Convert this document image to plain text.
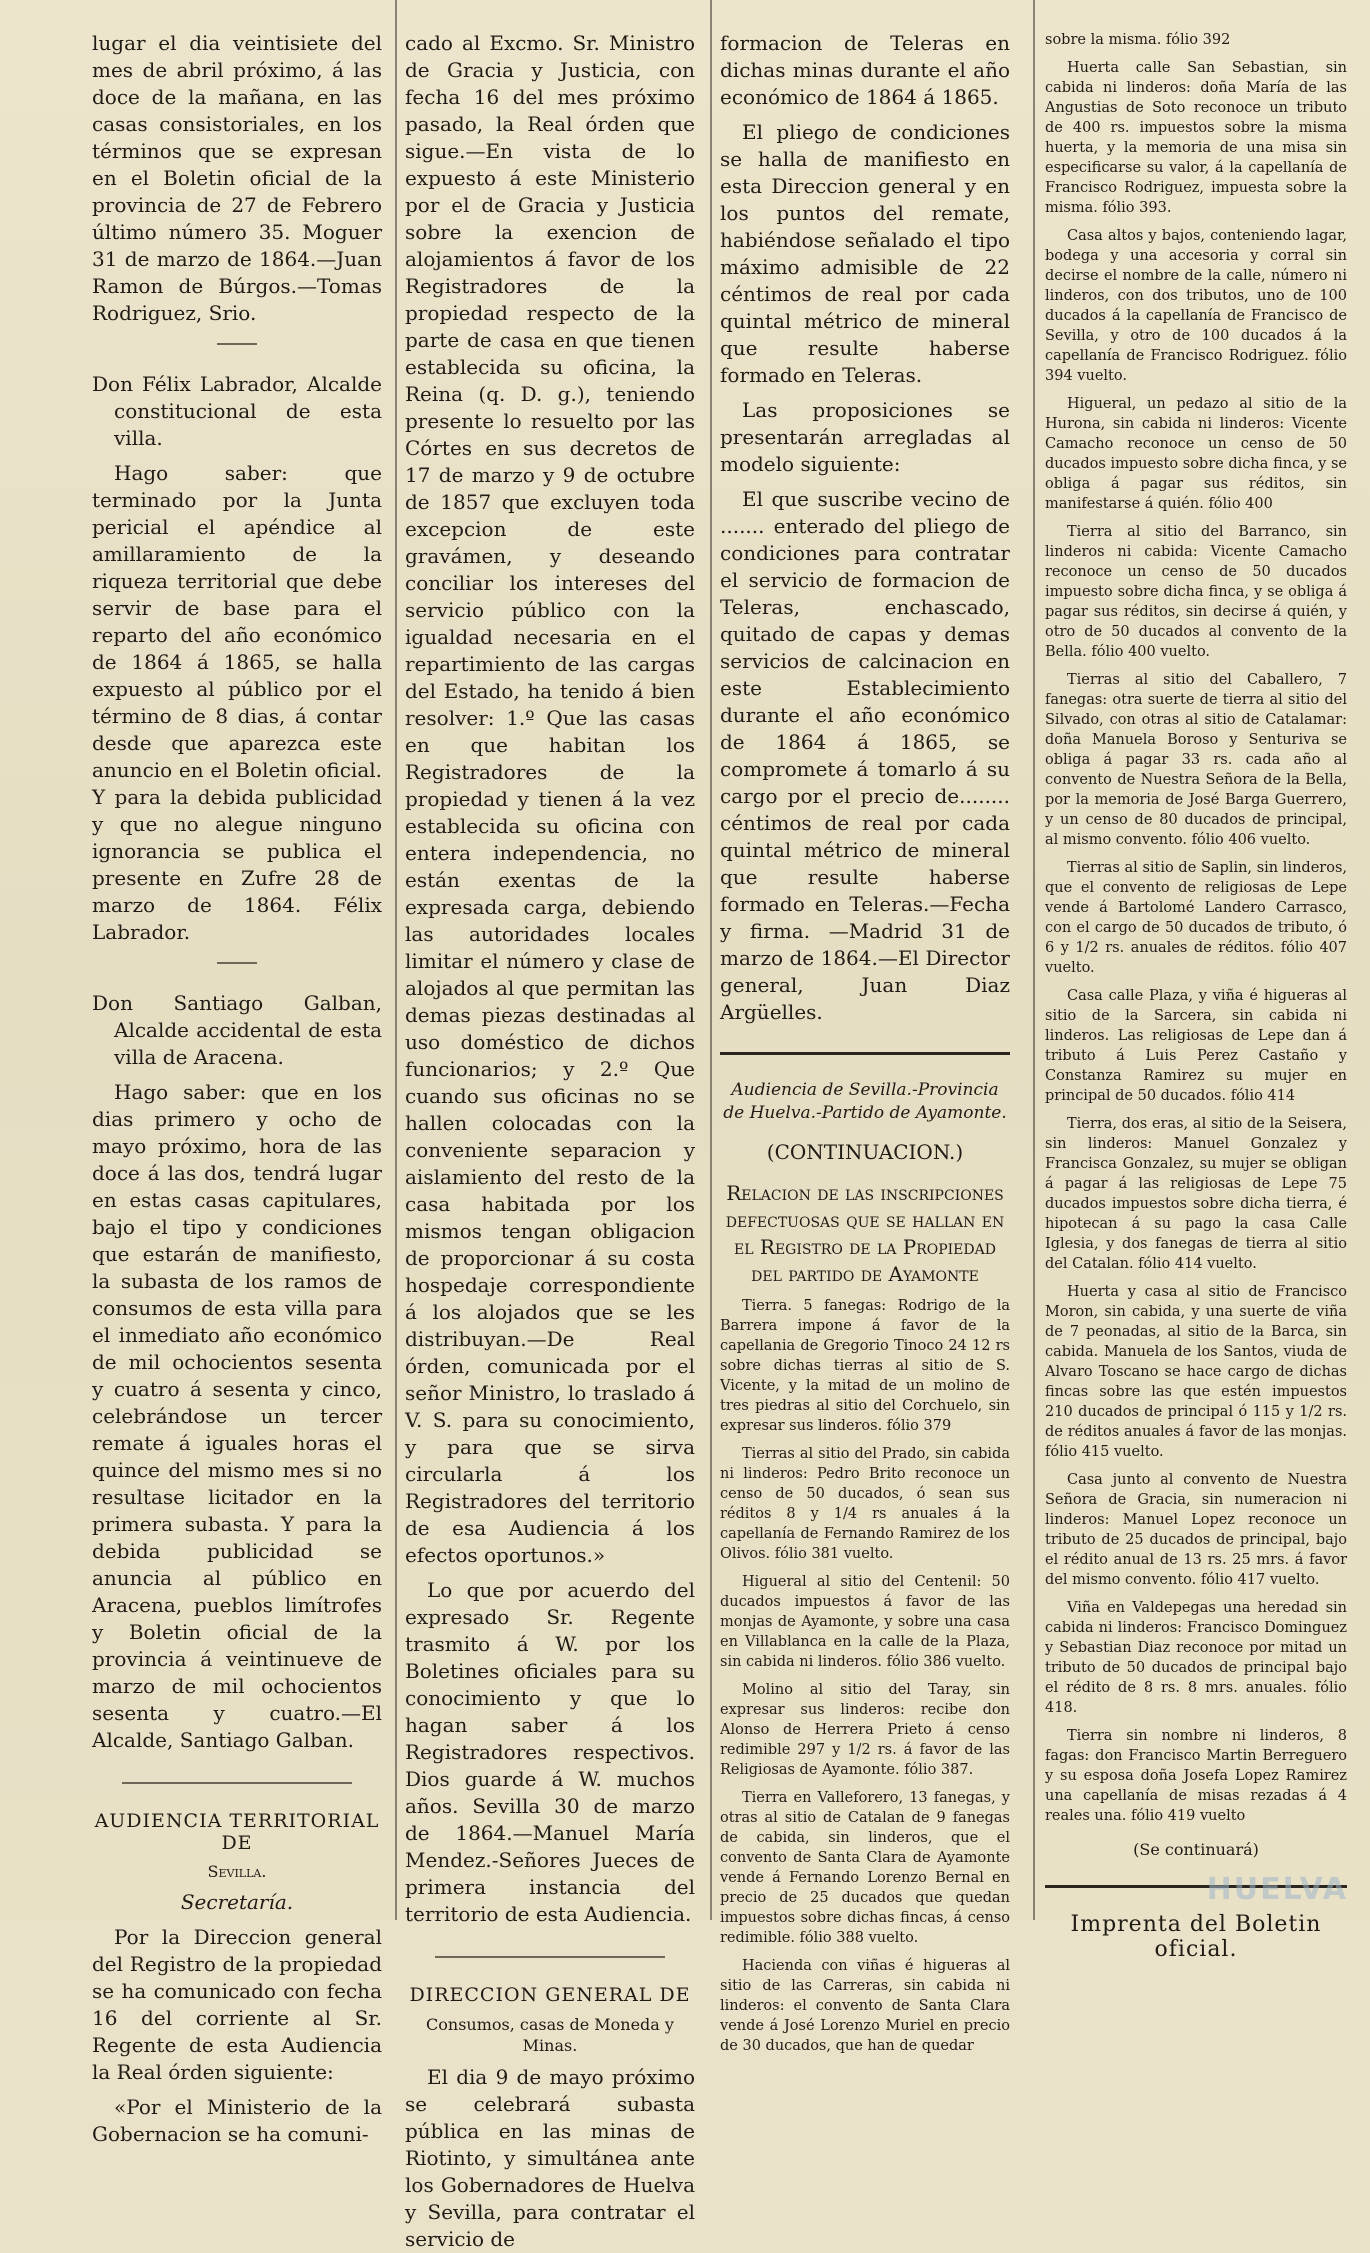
lugar el dia veintisiete del mes de abril próximo, á las doce de la mañana, en las casas consistoriales, en los términos que se expresan en el Boletin oficial de la provincia de 27 de Febrero último número 35. Moguer 31 de marzo de 1864.—Juan Ramon de Búrgos.—Tomas Rodriguez, Srio.

Don Félix Labrador, Alcalde constitucional de esta villa.

Hago saber: que terminado por la Junta pericial el apéndice al amillaramiento de la riqueza territorial que debe servir de base para el reparto del año económico de 1864 á 1865, se halla expuesto al público por el término de 8 dias, á contar desde que aparezca este anuncio en el Boletin oficial. Y para la debida publicidad y que no alegue ninguno ignorancia se publica el presente en Zufre 28 de marzo de 1864. Félix Labrador.

Don Santiago Galban, Alcalde accidental de esta villa de Aracena.

Hago saber: que en los dias primero y ocho de mayo próximo, hora de las doce á las dos, tendrá lugar en estas casas capitulares, bajo el tipo y condiciones que estarán de manifiesto, la subasta de los ramos de consumos de esta villa para el inmediato año económico de mil ochocientos sesenta y cuatro á sesenta y cinco, celebrándose un tercer remate á iguales horas el quince del mismo mes si no resultase licitador en la primera subasta. Y para la debida publicidad se anuncia al público en Aracena, pueblos limítrofes y Boletin oficial de la provincia á veintinueve de marzo de mil ochocientos sesenta y cuatro.—El Alcalde, Santiago Galban.

AUDIENCIA TERRITORIAL DE

Sevilla.

Secretaría.

Por la Direccion general del Registro de la propiedad se ha comunicado con fecha 16 del corriente al Sr. Regente de esta Audiencia la Real órden siguiente:

«Por el Ministerio de la Gobernacion se ha comuni-

cado al Excmo. Sr. Ministro de Gracia y Justicia, con fecha 16 del mes próximo pasado, la Real órden que sigue.—En vista de lo expuesto á este Ministerio por el de Gracia y Justicia sobre la exencion de alojamientos á favor de los Registradores de la propiedad respecto de la parte de casa en que tienen establecida su oficina, la Reina (q. D. g.), teniendo presente lo resuelto por las Córtes en sus decretos de 17 de marzo y 9 de octubre de 1857 que excluyen toda excepcion de este gravámen, y deseando conciliar los intereses del servicio público con la igualdad necesaria en el repartimiento de las cargas del Estado, ha tenido á bien resolver: 1.º Que las casas en que habitan los Registradores de la propiedad y tienen á la vez establecida su oficina con entera independencia, no están exentas de la expresada carga, debiendo las autoridades locales limitar el número y clase de alojados al que permitan las demas piezas destinadas al uso doméstico de dichos funcionarios; y 2.º Que cuando sus oficinas no se hallen colocadas con la conveniente separacion y aislamiento del resto de la casa habitada por los mismos tengan obligacion de proporcionar á su costa hospedaje correspondiente á los alojados que se les distribuyan.—De Real órden, comunicada por el señor Ministro, lo traslado á V. S. para su conocimiento, y para que se sirva circularla á los Registradores del territorio de esa Audiencia á los efectos oportunos.»

Lo que por acuerdo del expresado Sr. Regente trasmito á W. por los Boletines oficiales para su conocimiento y que lo hagan saber á los Registradores respectivos. Dios guarde á W. muchos años. Sevilla 30 de marzo de 1864.—Manuel María Mendez.-Señores Jueces de primera instancia del territorio de esta Audiencia.

DIRECCION GENERAL DE

Consumos, casas de Moneda y Minas.

El dia 9 de mayo próximo se celebrará subasta pública en las minas de Riotinto, y simultánea ante los Gobernadores de Huelva y Sevilla, para contratar el servicio de

formacion de Teleras en dichas minas durante el año económico de 1864 á 1865.

El pliego de condiciones se halla de manifiesto en esta Direccion general y en los puntos del remate, habiéndose señalado el tipo máximo admisible de 22 céntimos de real por cada quintal métrico de mineral que resulte haberse formado en Teleras.

Las proposiciones se presentarán arregladas al modelo siguiente:

El que suscribe vecino de ....... enterado del pliego de condiciones para contratar el servicio de formacion de Teleras, enchascado, quitado de capas y demas servicios de calcinacion en este Establecimiento durante el año económico de 1864 á 1865, se compromete á tomarlo á su cargo por el precio de........ céntimos de real por cada quintal métrico de mineral que resulte haberse formado en Teleras.—Fecha y firma. —Madrid 31 de marzo de 1864.—El Director general, Juan Diaz Argüelles.

Audiencia de Sevilla.-Provincia de Huelva.-Partido de Ayamonte.

(CONTINUACION.)

Relacion de las inscripciones defectuosas que se hallan en el Registro de la Propiedad del partido de Ayamonte

Tierra. 5 fanegas: Rodrigo de la Barrera impone á favor de la capellania de Gregorio Tinoco 24 12 rs sobre dichas tierras al sitio de S. Vicente, y la mitad de un molino de tres piedras al sitio del Corchuelo, sin expresar sus linderos. fólio 379

Tierras al sitio del Prado, sin cabida ni linderos: Pedro Brito reconoce un censo de 50 ducados, ó sean sus réditos 8 y 1/4 rs anuales á la capellanía de Fernando Ramirez de los Olivos. fólio 381 vuelto.

Higueral al sitio del Centenil: 50 ducados impuestos á favor de las monjas de Ayamonte, y sobre una casa en Villablanca en la calle de la Plaza, sin cabida ni linderos. fólio 386 vuelto.

Molino al sitio del Taray, sin expresar sus linderos: recibe don Alonso de Herrera Prieto á censo redimible 297 y 1/2 rs. á favor de las Religiosas de Ayamonte. fólio 387.

Tierra en Valleforero, 13 fanegas, y otras al sitio de Catalan de 9 fanegas de cabida, sin linderos, que el convento de Santa Clara de Ayamonte vende á Fernando Lorenzo Bernal en precio de 25 ducados que quedan impuestos sobre dichas fincas, á censo redimible. fólio 388 vuelto.

Hacienda con viñas é higueras al sitio de las Carreras, sin cabida ni linderos: el convento de Santa Clara vende á José Lorenzo Muriel en precio de 30 ducados, que han de quedar

sobre la misma. fólio 392

Huerta calle San Sebastian, sin cabida ni linderos: doña María de las Angustias de Soto reconoce un tributo de 400 rs. impuestos sobre la misma huerta, y la memoria de una misa sin especificarse su valor, á la capellanía de Francisco Rodriguez, impuesta sobre la misma. fólio 393.

Casa altos y bajos, conteniendo lagar, bodega y una accesoria y corral sin decirse el nombre de la calle, número ni linderos, con dos tributos, uno de 100 ducados á la capellanía de Francisco de Sevilla, y otro de 100 ducados á la capellanía de Francisco Rodriguez. fólio 394 vuelto.

Higueral, un pedazo al sitio de la Hurona, sin cabida ni linderos: Vicente Camacho reconoce un censo de 50 ducados impuesto sobre dicha finca, y se obliga á pagar sus réditos, sin manifestarse á quién. fólio 400

Tierra al sitio del Barranco, sin linderos ni cabida: Vicente Camacho reconoce un censo de 50 ducados impuesto sobre dicha finca, y se obliga á pagar sus réditos, sin decirse á quién, y otro de 50 ducados al convento de la Bella. fólio 400 vuelto.

Tierras al sitio del Caballero, 7 fanegas: otra suerte de tierra al sitio del Silvado, con otras al sitio de Catalamar: doña Manuela Boroso y Senturiva se obliga á pagar 33 rs. cada año al convento de Nuestra Señora de la Bella, por la memoria de José Barga Guerrero, y un censo de 80 ducados de principal, al mismo convento. fólio 406 vuelto.

Tierras al sitio de Saplin, sin linderos, que el convento de religiosas de Lepe vende á Bartolomé Landero Carrasco, con el cargo de 50 ducados de tributo, ó 6 y 1/2 rs. anuales de réditos. fólio 407 vuelto.

Casa calle Plaza, y viña é higueras al sitio de la Sarcera, sin cabida ni linderos. Las religiosas de Lepe dan á tributo á Luis Perez Castaño y Constanza Ramirez su mujer en principal de 50 ducados. fólio 414

Tierra, dos eras, al sitio de la Seisera, sin linderos: Manuel Gonzalez y Francisca Gonzalez, su mujer se obligan á pagar á las religiosas de Lepe 75 ducados impuestos sobre dicha tierra, é hipotecan á su pago la casa Calle Iglesia, y dos fanegas de tierra al sitio del Catalan. fólio 414 vuelto.

Huerta y casa al sitio de Francisco Moron, sin cabida, y una suerte de viña de 7 peonadas, al sitio de la Barca, sin cabida. Manuela de los Santos, viuda de Alvaro Toscano se hace cargo de dichas fincas sobre las que estén impuestos 210 ducados de principal ó 115 y 1/2 rs. de réditos anuales á favor de las monjas. fólio 415 vuelto.

Casa junto al convento de Nuestra Señora de Gracia, sin numeracion ni linderos: Manuel Lopez reconoce un tributo de 25 ducados de principal, bajo el rédito anual de 13 rs. 25 mrs. á favor del mismo convento. fólio 417 vuelto.

Viña en Valdepegas una heredad sin cabida ni linderos: Francisco Dominguez y Sebastian Diaz reconoce por mitad un tributo de 50 ducados de principal bajo el rédito de 8 rs. 8 mrs. anuales. fólio 418.

Tierra sin nombre ni linderos, 8 fagas: don Francisco Martin Berreguero y su esposa doña Josefa Lopez Ramirez una capellanía de misas rezadas á 4 reales una. fólio 419 vuelto

(Se continuará)

Imprenta del Boletin oficial.

HUELVA
